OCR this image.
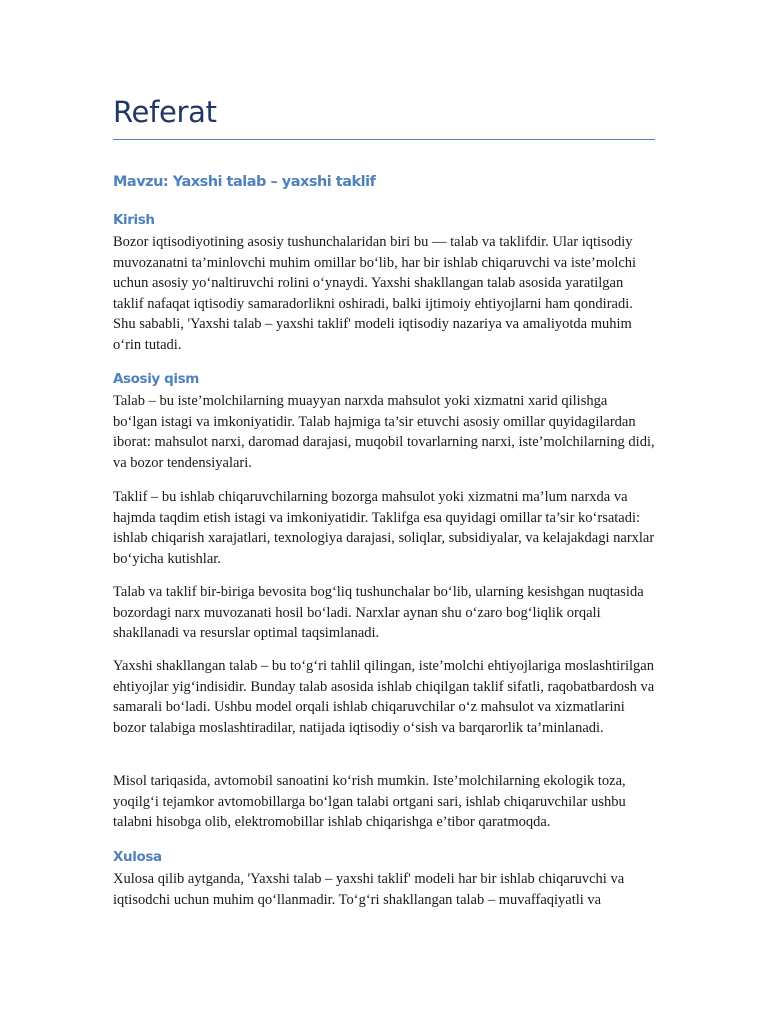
Referat
Mavzu: Yaxshi talab – yaxshi taklif
Kirish

Bozor iqtisodiyotining asosiy tushunchalaridan biri bu — talab va taklifdir. Ular iqtisodiy muvozanatni ta’minlovchi muhim omillar bo‘lib, har bir ishlab chiqaruvchi va iste’molchi uchun asosiy yo‘naltiruvchi rolini o‘ynaydi. Yaxshi shakllangan talab asosida yaratilgan taklif nafaqat iqtisodiy samaradorlikni oshiradi, balki ijtimoiy ehtiyojlarni ham qondiradi. Shu sababli, 'Yaxshi talab – yaxshi taklif' modeli iqtisodiy nazariya va amaliyotda muhim o‘rin tutadi.

Asosiy qism

Talab – bu iste’molchilarning muayyan narxda mahsulot yoki xizmatni xarid qilishga bo‘lgan istagi va imkoniyatidir. Talab hajmiga ta’sir etuvchi asosiy omillar quyidagilardan iborat: mahsulot narxi, daromad darajasi, muqobil tovarlarning narxi, iste’molchilarning didi, va bozor tendensiyalari.

Taklif – bu ishlab chiqaruvchilarning bozorga mahsulot yoki xizmatni ma’lum narxda va hajmda taqdim etish istagi va imkoniyatidir. Taklifga esa quyidagi omillar ta’sir ko‘rsatadi: ishlab chiqarish xarajatlari, texnologiya darajasi, soliqlar, subsidiyalar, va kelajakdagi narxlar bo‘yicha kutishlar.

Talab va taklif bir-biriga bevosita bog‘liq tushunchalar bo‘lib, ularning kesishgan nuqtasida bozordagi narx muvozanati hosil bo‘ladi. Narxlar aynan shu o‘zaro bog‘liqlik orqali shakllanadi va resurslar optimal taqsimlanadi.

Yaxshi shakllangan talab – bu to‘g‘ri tahlil qilingan, iste’molchi ehtiyojlariga moslashtirilgan ehtiyojlar yig‘indisidir. Bunday talab asosida ishlab chiqilgan taklif sifatli, raqobatbardosh va samarali bo‘ladi. Ushbu model orqali ishlab chiqaruvchilar o‘z mahsulot va xizmatlarini bozor talabiga moslashtiradilar, natijada iqtisodiy o‘sish va barqarorlik ta’minlanadi.

Misol tariqasida, avtomobil sanoatini ko‘rish mumkin. Iste’molchilarning ekologik toza, yoqilg‘i tejamkor avtomobillarga bo‘lgan talabi ortgani sari, ishlab chiqaruvchilar ushbu talabni hisobga olib, elektromobillar ishlab chiqarishga e’tibor qaratmoqda.

Xulosa

Xulosa qilib aytganda, 'Yaxshi talab – yaxshi taklif' modeli har bir ishlab chiqaruvchi va iqtisodchi uchun muhim qo‘llanmadir. To‘g‘ri shakllangan talab – muvaffaqiyatli va
